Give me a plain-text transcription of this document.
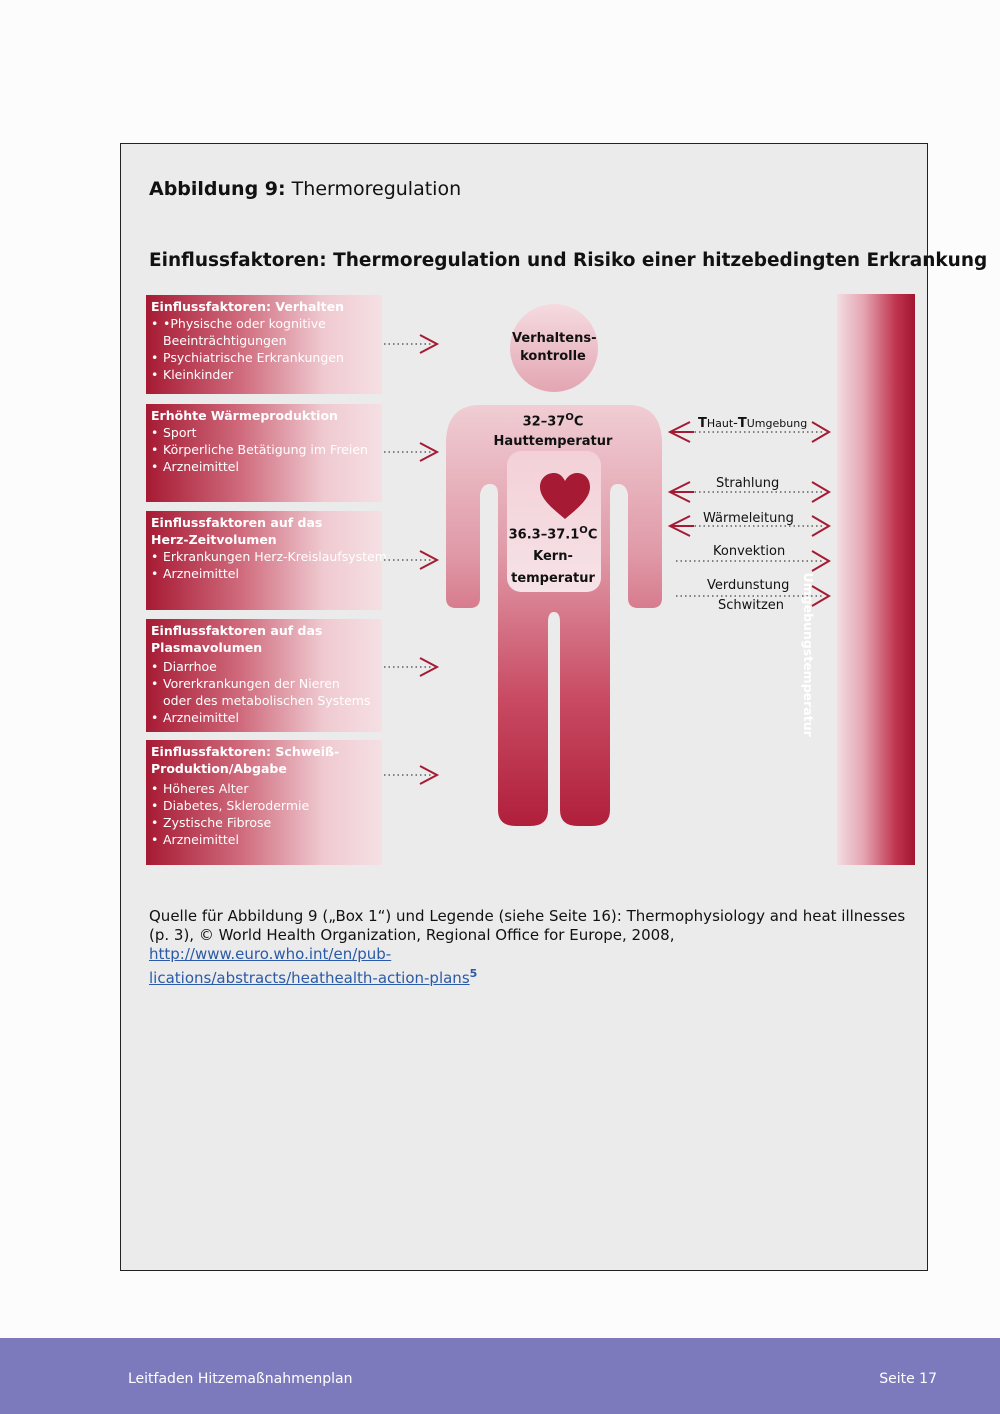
Abbildung 9: Thermoregulation
Einflussfaktoren: Thermoregulation und Risiko einer hitzebedingten Erkrankung
Einflussfaktoren: Verhalten
• •Physische oder kognitive
Beeinträchtigungen
• Psychiatrische Erkrankungen
• Kleinkinder
Erhöhte Wärmeproduktion
• Sport
• Körperliche Betätigung im Freien
• Arzneimittel
Einflussfaktoren auf das
Herz-Zeitvolumen
• Erkrankungen Herz-Kreislaufsystem
• Arzneimittel
Einflussfaktoren auf das
Plasmavolumen
• Diarrhoe
• Vorerkrankungen der Nieren
oder des metabolischen Systems
• Arzneimittel
Einflussfaktoren: Schweiß-
Produktion/Abgabe
• Höheres Alter
• Diabetes, Sklerodermie
• Zystische Fibrose
• Arzneimittel
Verhaltens-
kontrolle
$32-37^OC$
Hauttemperatur
$36.3-37.1^OC$
Kern-
temperatur
THaut-TUmgebung
Strahlung
Wärmeleitung
Konvektion
Verdunstung
Schwitzen Umgebungstemperatur
Quelle für Abbildung 9 („Box 1“) und Legende (siehe Seite 16): Thermophysiology and heat illnesses (p. 3), © World Health Organization, Regional Office for Europe, 2008, http://www.euro.who.int/en/pub-
lications/abstracts/heathealth-action-plans$^5$
Leitfaden Hitzemaßnahmenplan	Seite 17
